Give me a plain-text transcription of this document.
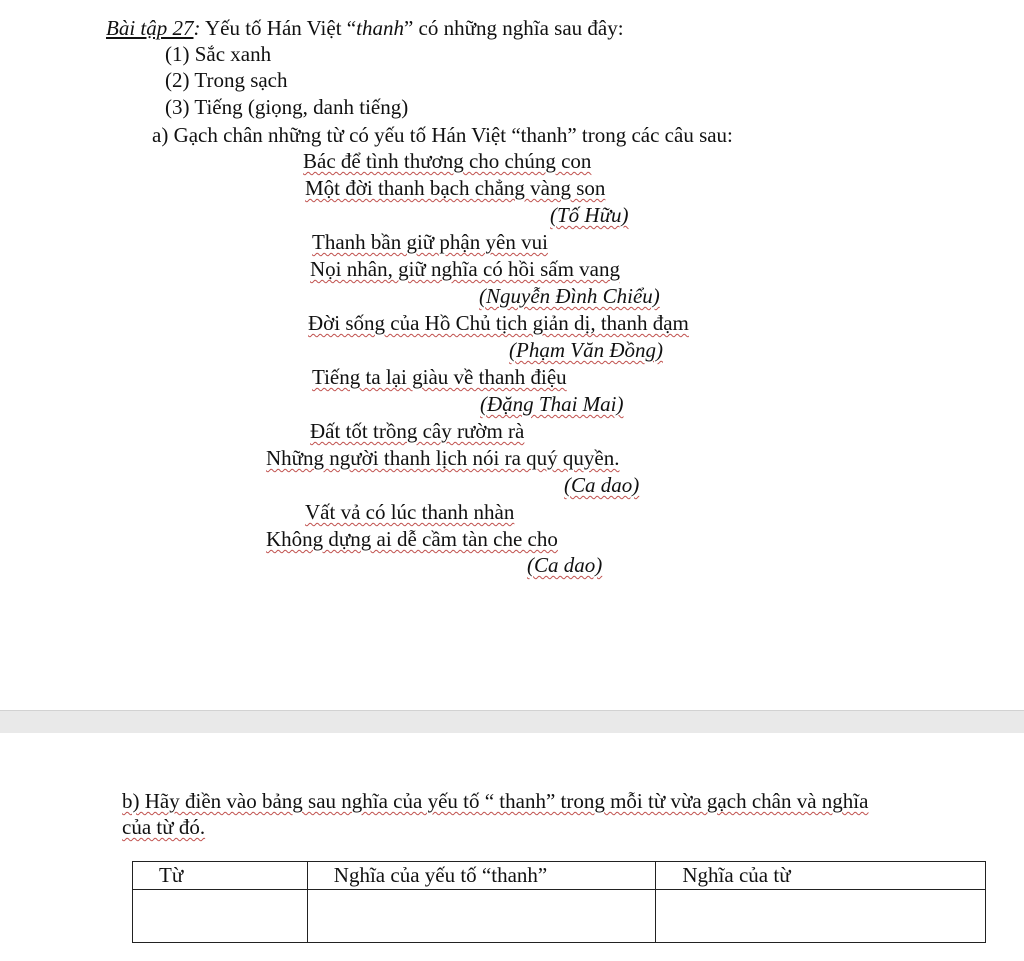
Bài tập 27: Yếu tố Hán Việt “thanh” có những nghĩa sau đây:
(1) Sắc xanh
(2) Trong sạch
(3) Tiếng (giọng, danh tiếng)
a) Gạch chân những từ có yếu tố Hán Việt “thanh” trong các câu sau:
Bác để tình thương cho chúng con
Một đời thanh bạch chẳng vàng son
(Tố Hữu)
Thanh bần giữ phận yên vui
Nọi nhân, giữ nghĩa có hồi sấm vang
(Nguyễn Đình Chiểu)
Đời sống của Hồ Chủ tịch giản dị, thanh đạm
(Phạm Văn Đồng)
Tiếng ta lại giàu về thanh điệu
(Đặng Thai Mai)
Đất tốt trồng cây rườm rà
Những người thanh lịch nói ra quý quyền.
(Ca dao)
Vất vả có lúc thanh nhàn
Không dựng ai dễ cầm tàn che cho
(Ca dao)
b) Hãy điền vào bảng sau nghĩa của yếu tố “ thanh” trong mỗi từ vừa gạch chân và nghĩa
của từ đó.
Từ	Nghĩa của yếu tố “thanh”	Nghĩa của từ
